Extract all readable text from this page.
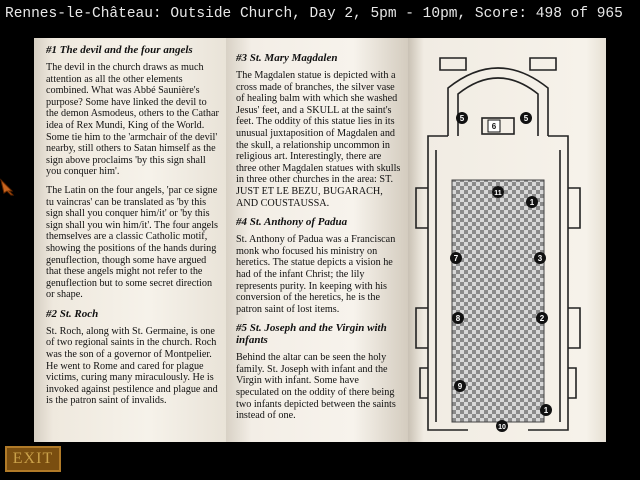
Rennes-le-Château: Outside Church, Day 2, 5pm - 10pm, Score: 498 of 965
#1 The devil and the four angels

The devil in the church draws as much attention as all the other elements combined. What was Abbé Saunière's purpose? Some have linked the devil to the demon Asmodeus, others to the Cathar idea of Rex Mundi, King of the World. Some tie him to the 'armchair of the devil' nearby, still others to Satan himself as the sign above proclaims 'by this sign shall you conquer him'.

The Latin on the four angels, 'par ce signe tu vaincras' can be translated as 'by this sign shall you conquer him/it' or 'by this sign shall you win him/it'. The four angels themselves are a classic Catholic motif, showing the positions of the hands during genuflection, though some have argued that these angels might not refer to the genuflection but to some secret direction or shape.

#2 St. Roch

St. Roch, along with St. Germaine, is one of two regional saints in the church. Roch was the son of a governor of Montpelier. He went to Rome and cared for plague victims, curing many miraculously. He is invoked against pestilence and plague and is the patron saint of invalids.

#3 St. Mary Magdalen

The Magdalen statue is depicted with a cross made of branches, the silver vase of healing balm with which she washed Jesus' feet, and a SKULL at the saint's feet. The oddity of this statue lies in its unusual juxtaposition of Magdalen and the skull, a relationship uncommon in religious art. Interestingly, there are three other Magdalen statues with skulls in three other churches in the area: ST. JUST ET LE BEZU, BUGARACH, AND COUSTAUSSA.

#4 St. Anthony of Padua

St. Anthony of Padua was a Franciscan monk who focused his ministry on heretics. The statue depicts a vision he had of the infant Christ; the lily represents purity. In keeping with his conversion of the heretics, he is the patron saint of lost items.

#5 St. Joseph and the Virgin with infants

Behind the altar can be seen the holy family. St. Joseph with infant and the Virgin with infant. Some have speculated on the oddity of there being two infants depicted between the saints instead of one.

5
6
5
11
1
7	3
8	2
9
1
10
EXIT
